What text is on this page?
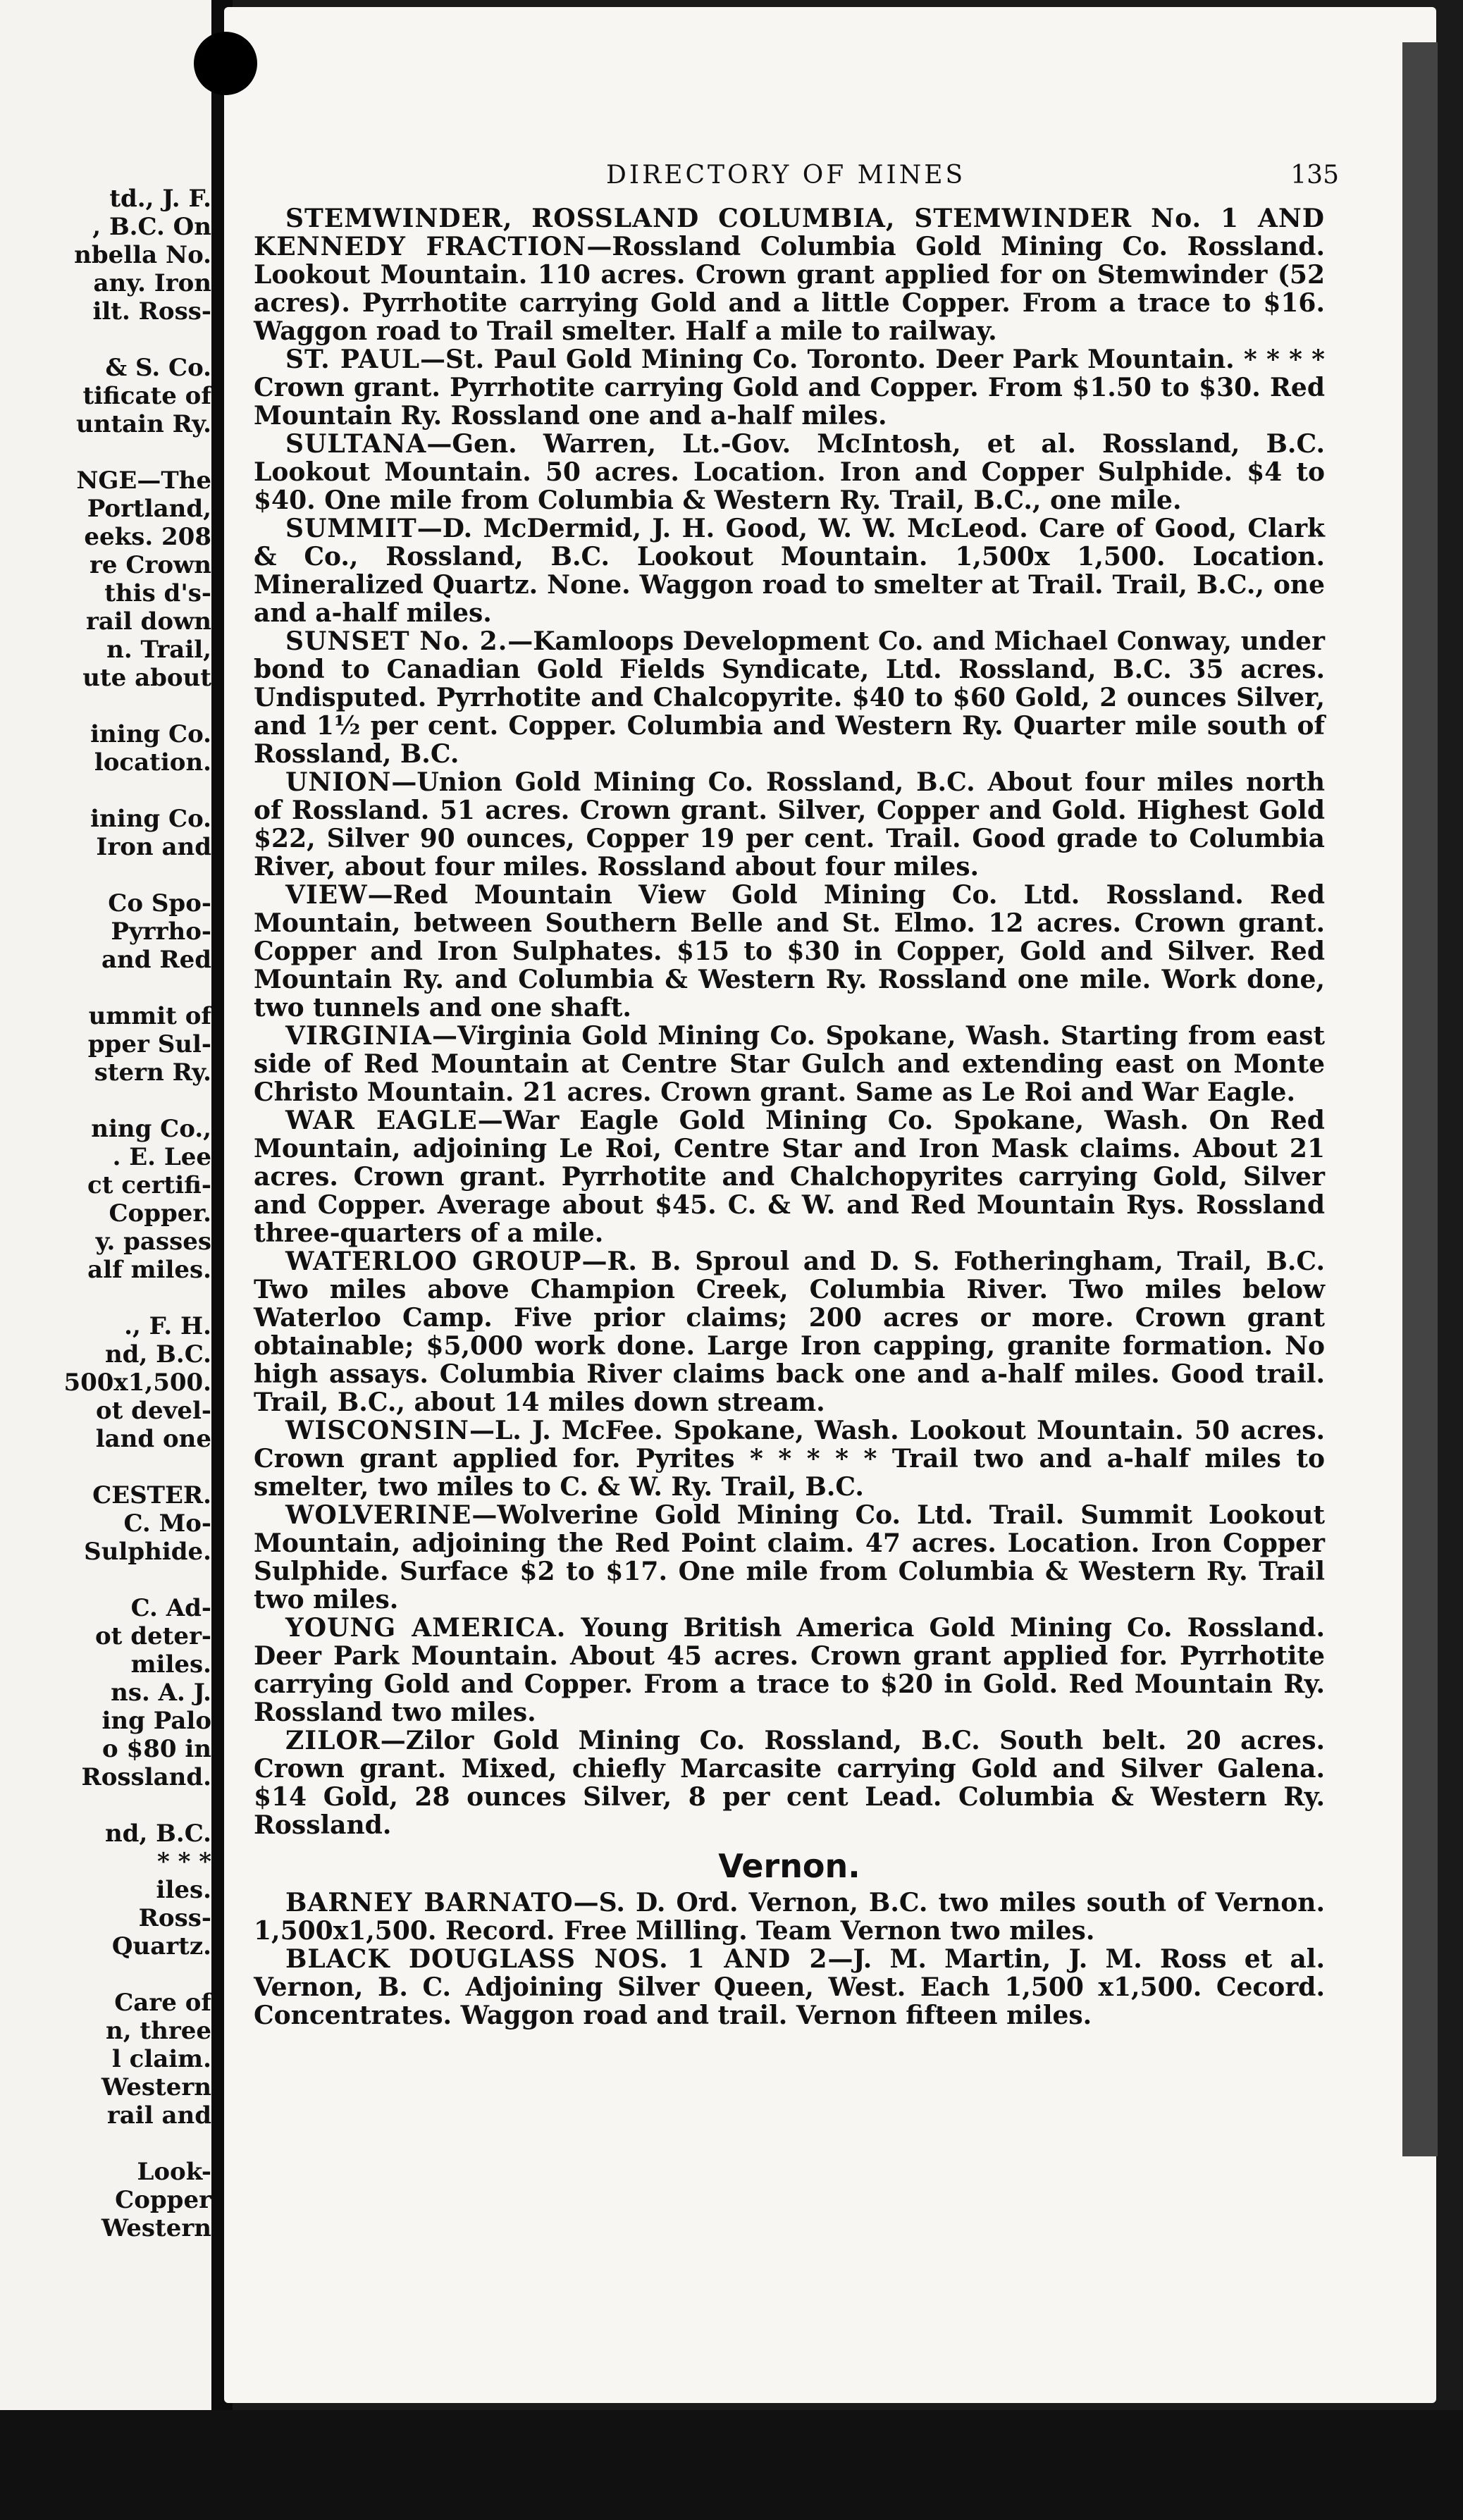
td., J. F.
, B.C. On
nbella No.
any. Iron
ilt. Ross-
& S. Co.
tificate of
untain Ry.
NGE—The
Portland,
eeks. 208
re Crown
this d's-
rail down
n. Trail,
ute about
ining Co.
location.
ining Co.
Iron and
Co Spo-
Pyrrho-
and Red
ummit of
pper Sul-
stern Ry.
ning Co.,
. E. Lee
ct certifi-
Copper.
y. passes
alf miles.
., F. H.
nd, B.C.
500x1,500.
ot devel-
land one
CESTER.
C. Mo-
Sulphide.
C. Ad-
ot deter-
miles.
ns. A. J.
ing Palo
o $80 in
Rossland.
nd, B.C.
* * *
iles.
Ross-
Quartz.
Care of
n, three
l claim.
Western
rail and
Look-
Copper
Western
DIRECTORY OF MINES	135

STEMWINDER, ROSSLAND COLUMBIA, STEMWINDER No. 1 AND KENNEDY FRACTION—Rossland Columbia Gold Mining Co. Rossland. Lookout Mountain. 110 acres. Crown grant applied for on Stemwinder (52 acres). Pyrrhotite carrying Gold and a little Copper. From a trace to $16. Waggon road to Trail smelter. Half a mile to railway.

ST. PAUL—St. Paul Gold Mining Co. Toronto. Deer Park Mountain. * * * * Crown grant. Pyrrhotite carrying Gold and Copper. From $1.50 to $30. Red Mountain Ry. Rossland one and a-half miles.

SULTANA—Gen. Warren, Lt.-Gov. McIntosh, et al. Rossland, B.C. Lookout Mountain. 50 acres. Location. Iron and Copper Sulphide. $4 to $40. One mile from Columbia & Western Ry. Trail, B.C., one mile.

SUMMIT—D. McDermid, J. H. Good, W. W. McLeod. Care of Good, Clark & Co., Rossland, B.C. Lookout Mountain. 1,500x 1,500. Location. Mineralized Quartz. None. Waggon road to smelter at Trail. Trail, B.C., one and a-half miles.

SUNSET No. 2.—Kamloops Development Co. and Michael Conway, under bond to Canadian Gold Fields Syndicate, Ltd. Rossland, B.C. 35 acres. Undisputed. Pyrrhotite and Chalcopyrite. $40 to $60 Gold, 2 ounces Silver, and 1½ per cent. Copper. Columbia and Western Ry. Quarter mile south of Rossland, B.C.

UNION—Union Gold Mining Co. Rossland, B.C. About four miles north of Rossland. 51 acres. Crown grant. Silver, Copper and Gold. Highest Gold $22, Silver 90 ounces, Copper 19 per cent. Trail. Good grade to Columbia River, about four miles. Rossland about four miles.

VIEW—Red Mountain View Gold Mining Co. Ltd. Rossland. Red Mountain, between Southern Belle and St. Elmo. 12 acres. Crown grant. Copper and Iron Sulphates. $15 to $30 in Copper, Gold and Silver. Red Mountain Ry. and Columbia & Western Ry. Rossland one mile. Work done, two tunnels and one shaft.

VIRGINIA—Virginia Gold Mining Co. Spokane, Wash. Starting from east side of Red Mountain at Centre Star Gulch and extending east on Monte Christo Mountain. 21 acres. Crown grant. Same as Le Roi and War Eagle.

WAR EAGLE—War Eagle Gold Mining Co. Spokane, Wash. On Red Mountain, adjoining Le Roi, Centre Star and Iron Mask claims. About 21 acres. Crown grant. Pyrrhotite and Chalchopyrites carrying Gold, Silver and Copper. Average about $45. C. & W. and Red Mountain Rys. Rossland three-quarters of a mile.

WATERLOO GROUP—R. B. Sproul and D. S. Fotheringham, Trail, B.C. Two miles above Champion Creek, Columbia River. Two miles below Waterloo Camp. Five prior claims; 200 acres or more. Crown grant obtainable; $5,000 work done. Large Iron capping, granite formation. No high assays. Columbia River claims back one and a-half miles. Good trail. Trail, B.C., about 14 miles down stream.

WISCONSIN—L. J. McFee. Spokane, Wash. Lookout Mountain. 50 acres. Crown grant applied for. Pyrites * * * * * Trail two and a-half miles to smelter, two miles to C. & W. Ry. Trail, B.C.

WOLVERINE—Wolverine Gold Mining Co. Ltd. Trail. Summit Lookout Mountain, adjoining the Red Point claim. 47 acres. Location. Iron Copper Sulphide. Surface $2 to $17. One mile from Columbia & Western Ry. Trail two miles.

YOUNG AMERICA. Young British America Gold Mining Co. Rossland. Deer Park Mountain. About 45 acres. Crown grant applied for. Pyrrhotite carrying Gold and Copper. From a trace to $20 in Gold. Red Mountain Ry. Rossland two miles.

ZILOR—Zilor Gold Mining Co. Rossland, B.C. South belt. 20 acres. Crown grant. Mixed, chiefly Marcasite carrying Gold and Silver Galena. $14 Gold, 28 ounces Silver, 8 per cent Lead. Columbia & Western Ry. Rossland.

Vernon.

BARNEY BARNATO—S. D. Ord. Vernon, B.C. two miles south of Vernon. 1,500x1,500. Record. Free Milling. Team Vernon two miles.

BLACK DOUGLASS NOS. 1 AND 2—J. M. Martin, J. M. Ross et al. Vernon, B. C. Adjoining Silver Queen, West. Each 1,500 x1,500. Cecord. Concentrates. Waggon road and trail. Vernon fifteen miles.
